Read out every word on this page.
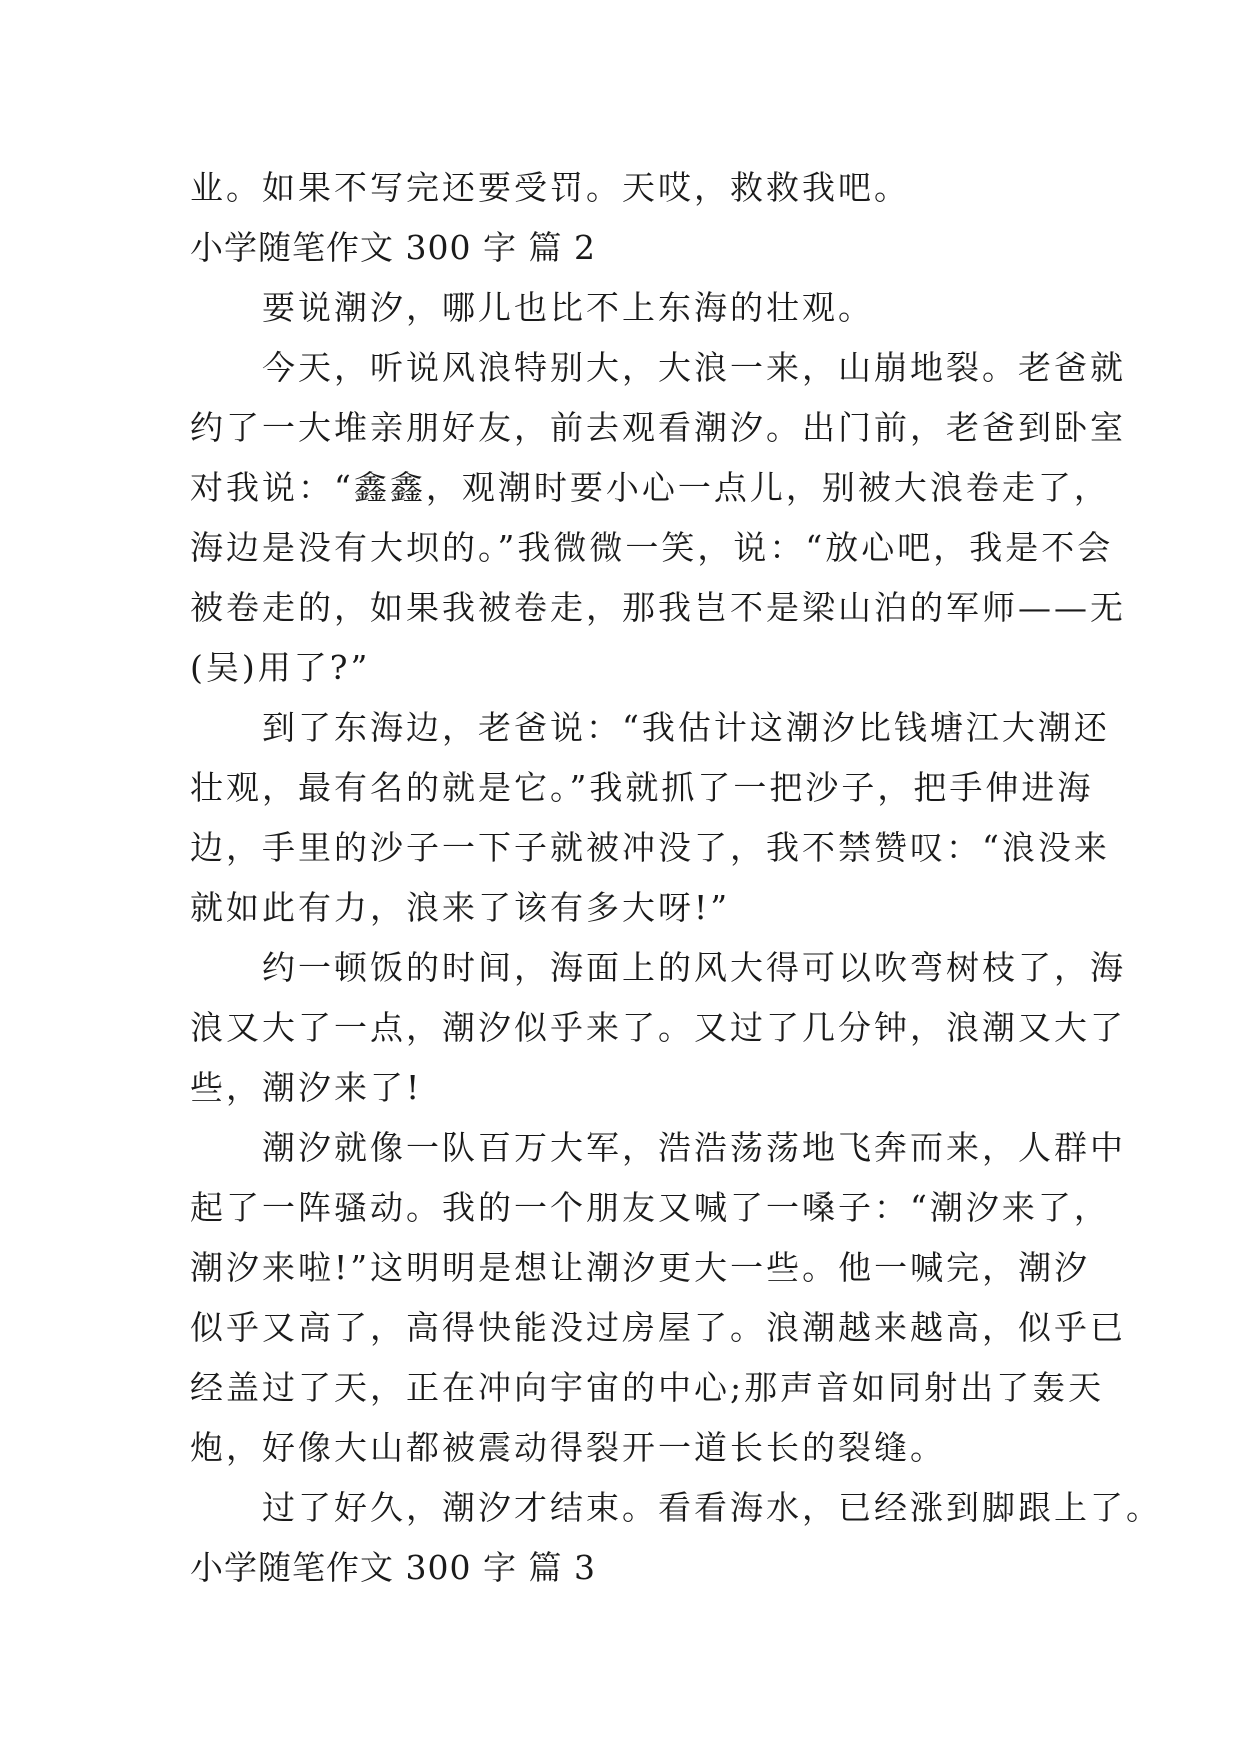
业。如果不写完还要受罚。天哎，救救我吧。
小学随笔作文 300 字 篇 2
　　要说潮汐，哪儿也比不上东海的壮观。
　　今天，听说风浪特别大，大浪一来，山崩地裂。老爸就
约了一大堆亲朋好友，前去观看潮汐。出门前，老爸到卧室
对我说：“鑫鑫，观潮时要小心一点儿，别被大浪卷走了，
海边是没有大坝的。”我微微一笑，说：“放心吧，我是不会
被卷走的，如果我被卷走，那我岂不是梁山泊的军师——无
(吴)用了?”
　　到了东海边，老爸说：“我估计这潮汐比钱塘江大潮还
壮观，最有名的就是它。”我就抓了一把沙子，把手伸进海
边，手里的沙子一下子就被冲没了，我不禁赞叹：“浪没来
就如此有力，浪来了该有多大呀!”
　　约一顿饭的时间，海面上的风大得可以吹弯树枝了，海
浪又大了一点，潮汐似乎来了。又过了几分钟，浪潮又大了
些，潮汐来了!
　　潮汐就像一队百万大军，浩浩荡荡地飞奔而来，人群中
起了一阵骚动。我的一个朋友又喊了一嗓子：“潮汐来了，
潮汐来啦!”这明明是想让潮汐更大一些。他一喊完，潮汐
似乎又高了，高得快能没过房屋了。浪潮越来越高，似乎已
经盖过了天，正在冲向宇宙的中心;那声音如同射出了轰天
炮，好像大山都被震动得裂开一道长长的裂缝。
　　过了好久，潮汐才结束。看看海水，已经涨到脚跟上了。
小学随笔作文 300 字 篇 3
